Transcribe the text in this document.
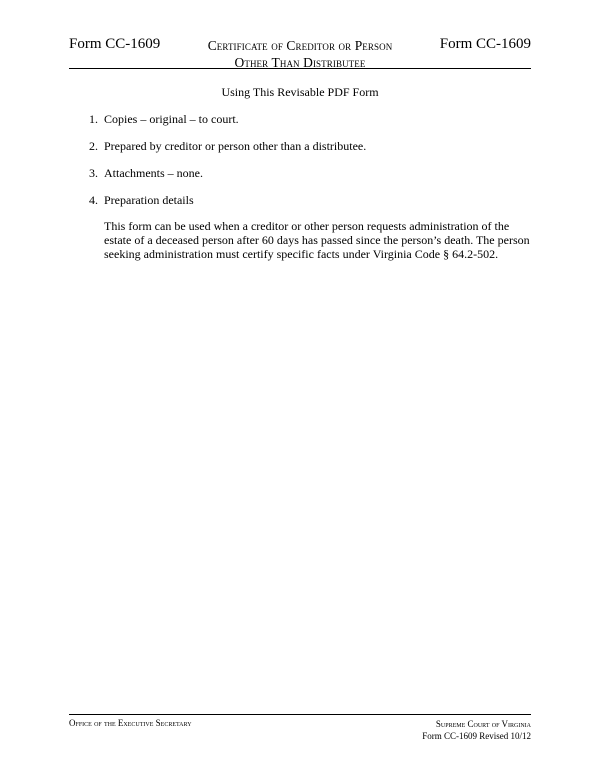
Form CC-1609	Certificate of Creditor or Person
Other Than Distributee
Form CC-1609
Using This Revisable PDF Form
1. Copies – original – to court.
2. Prepared by creditor or person other than a distributee.
3. Attachments – none.
4. Preparation details

This form can be used when a creditor or other person requests administration of the estate of a deceased person after 60 days has passed since the person’s death. The person seeking administration must certify specific facts under Virginia Code § 64.2-502.

Office of the Executive Secretary	Supreme Court of Virginia
Form CC-1609 Revised 10/12
